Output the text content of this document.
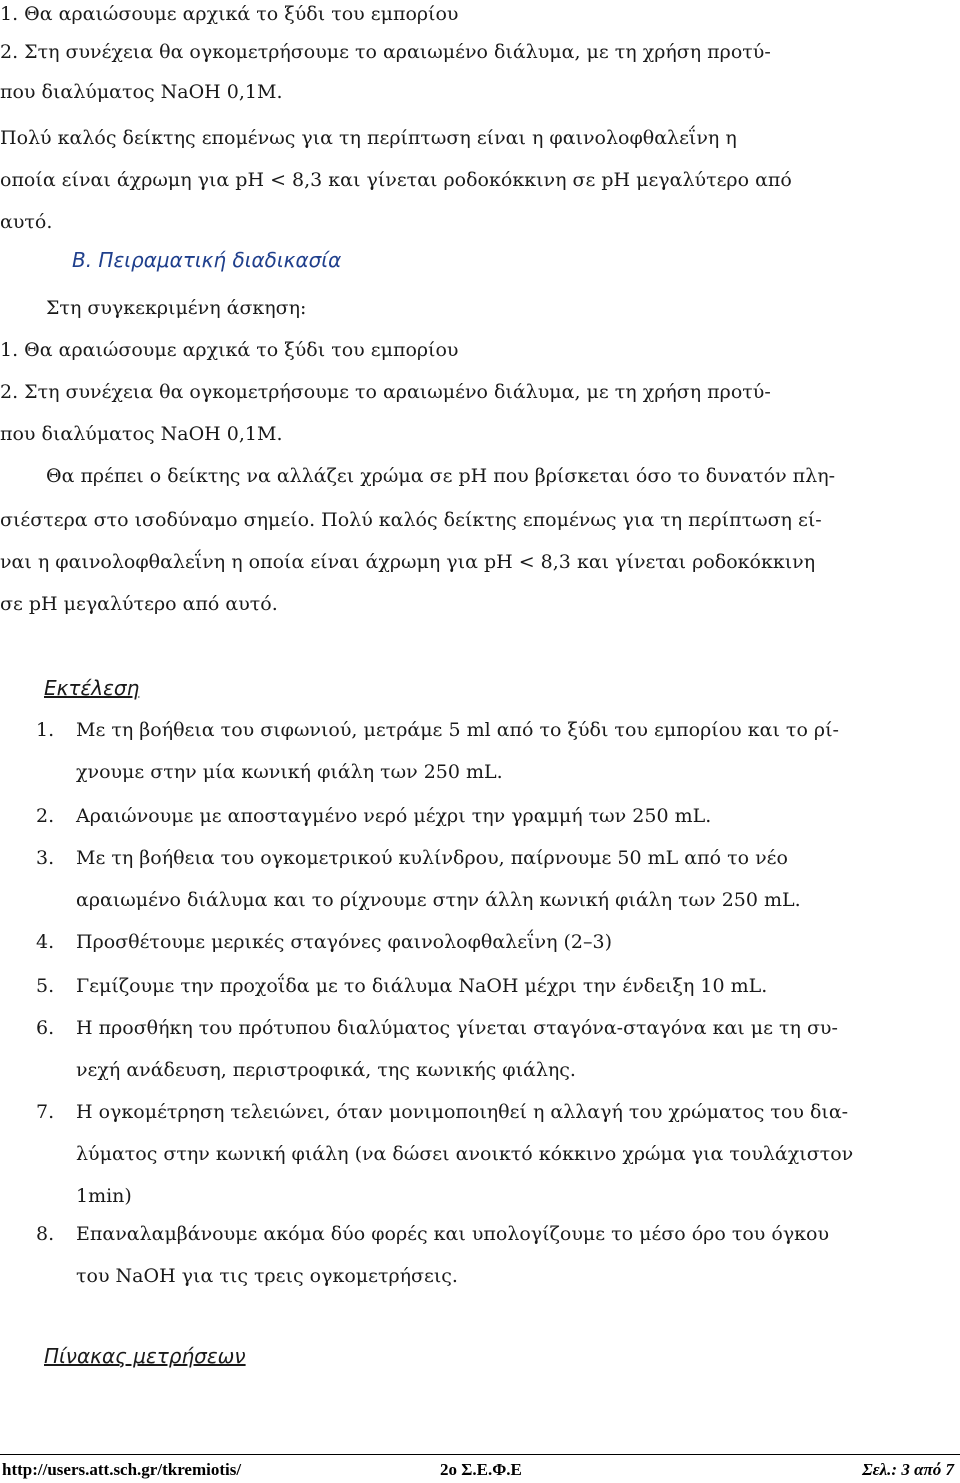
1. Θα αραιώσουμε αρχικά το ξύδι του εμπορίου
2. Στη συνέχεια θα ογκομετρήσουμε το αραιωμένο διάλυμα, με τη χρήση προτύ-
που διαλύματος NaOH 0,1M.
Πολύ καλός δείκτης επομένως για τη περίπτωση είναι η φαινολοφθαλεΐνη η
οποία είναι άχρωμη για pH < 8,3 και γίνεται ροδοκόκκινη σε pH μεγαλύτερο από
αυτό.
Β. Πειραματική διαδικασία
Στη συγκεκριμένη άσκηση:
1. Θα αραιώσουμε αρχικά το ξύδι του εμπορίου
2. Στη συνέχεια θα ογκομετρήσουμε το αραιωμένο διάλυμα, με τη χρήση προτύ-
που διαλύματος NaOH 0,1M.
Θα πρέπει ο δείκτης να αλλάζει χρώμα σε pH που βρίσκεται όσο το δυνατόν πλη-
σιέστερα στο ισοδύναμο σημείο. Πολύ καλός δείκτης επομένως για τη περίπτωση εί-
ναι η φαινολοφθαλεΐνη η οποία είναι άχρωμη για pH < 8,3 και γίνεται ροδοκόκκινη
σε pH μεγαλύτερο από αυτό.
Εκτέλεση
1.	Με τη βοήθεια του σιφωνιού, μετράμε 5 ml από το ξύδι του εμπορίου και το ρί-
χνουμε στην μία κωνική φιάλη των 250 mL.
2.	Αραιώνουμε με αποσταγμένο νερό μέχρι την γραμμή των 250 mL.
3.	Με τη βοήθεια του ογκομετρικού κυλίνδρου, παίρνουμε 50 mL από το νέο
αραιωμένο διάλυμα και το ρίχνουμε στην άλλη κωνική φιάλη των 250 mL.
4.	Προσθέτουμε μερικές σταγόνες φαινολοφθαλεΐνη (2–3)
5.	Γεμίζουμε την προχοΐδα με το διάλυμα NaOH μέχρι την ένδειξη 10 mL.
6.	Η προσθήκη του πρότυπου διαλύματος γίνεται σταγόνα-σταγόνα και με τη συ-
νεχή ανάδευση, περιστροφικά, της κωνικής φιάλης.
7.	Η ογκομέτρηση τελειώνει, όταν μονιμοποιηθεί η αλλαγή του χρώματος του δια-
λύματος στην κωνική φιάλη (να δώσει ανοικτό κόκκινο χρώμα για τουλάχιστον
1min)
8.	Επαναλαμβάνουμε ακόμα δύο φορές και υπολογίζουμε το μέσο όρο του όγκου
του NaOH για τις τρεις ογκομετρήσεις.
Πίνακας μετρήσεων
http://users.att.sch.gr/tkremiotis/	2ο Σ.Ε.Φ.Ε	Σελ.: 3 από 7
